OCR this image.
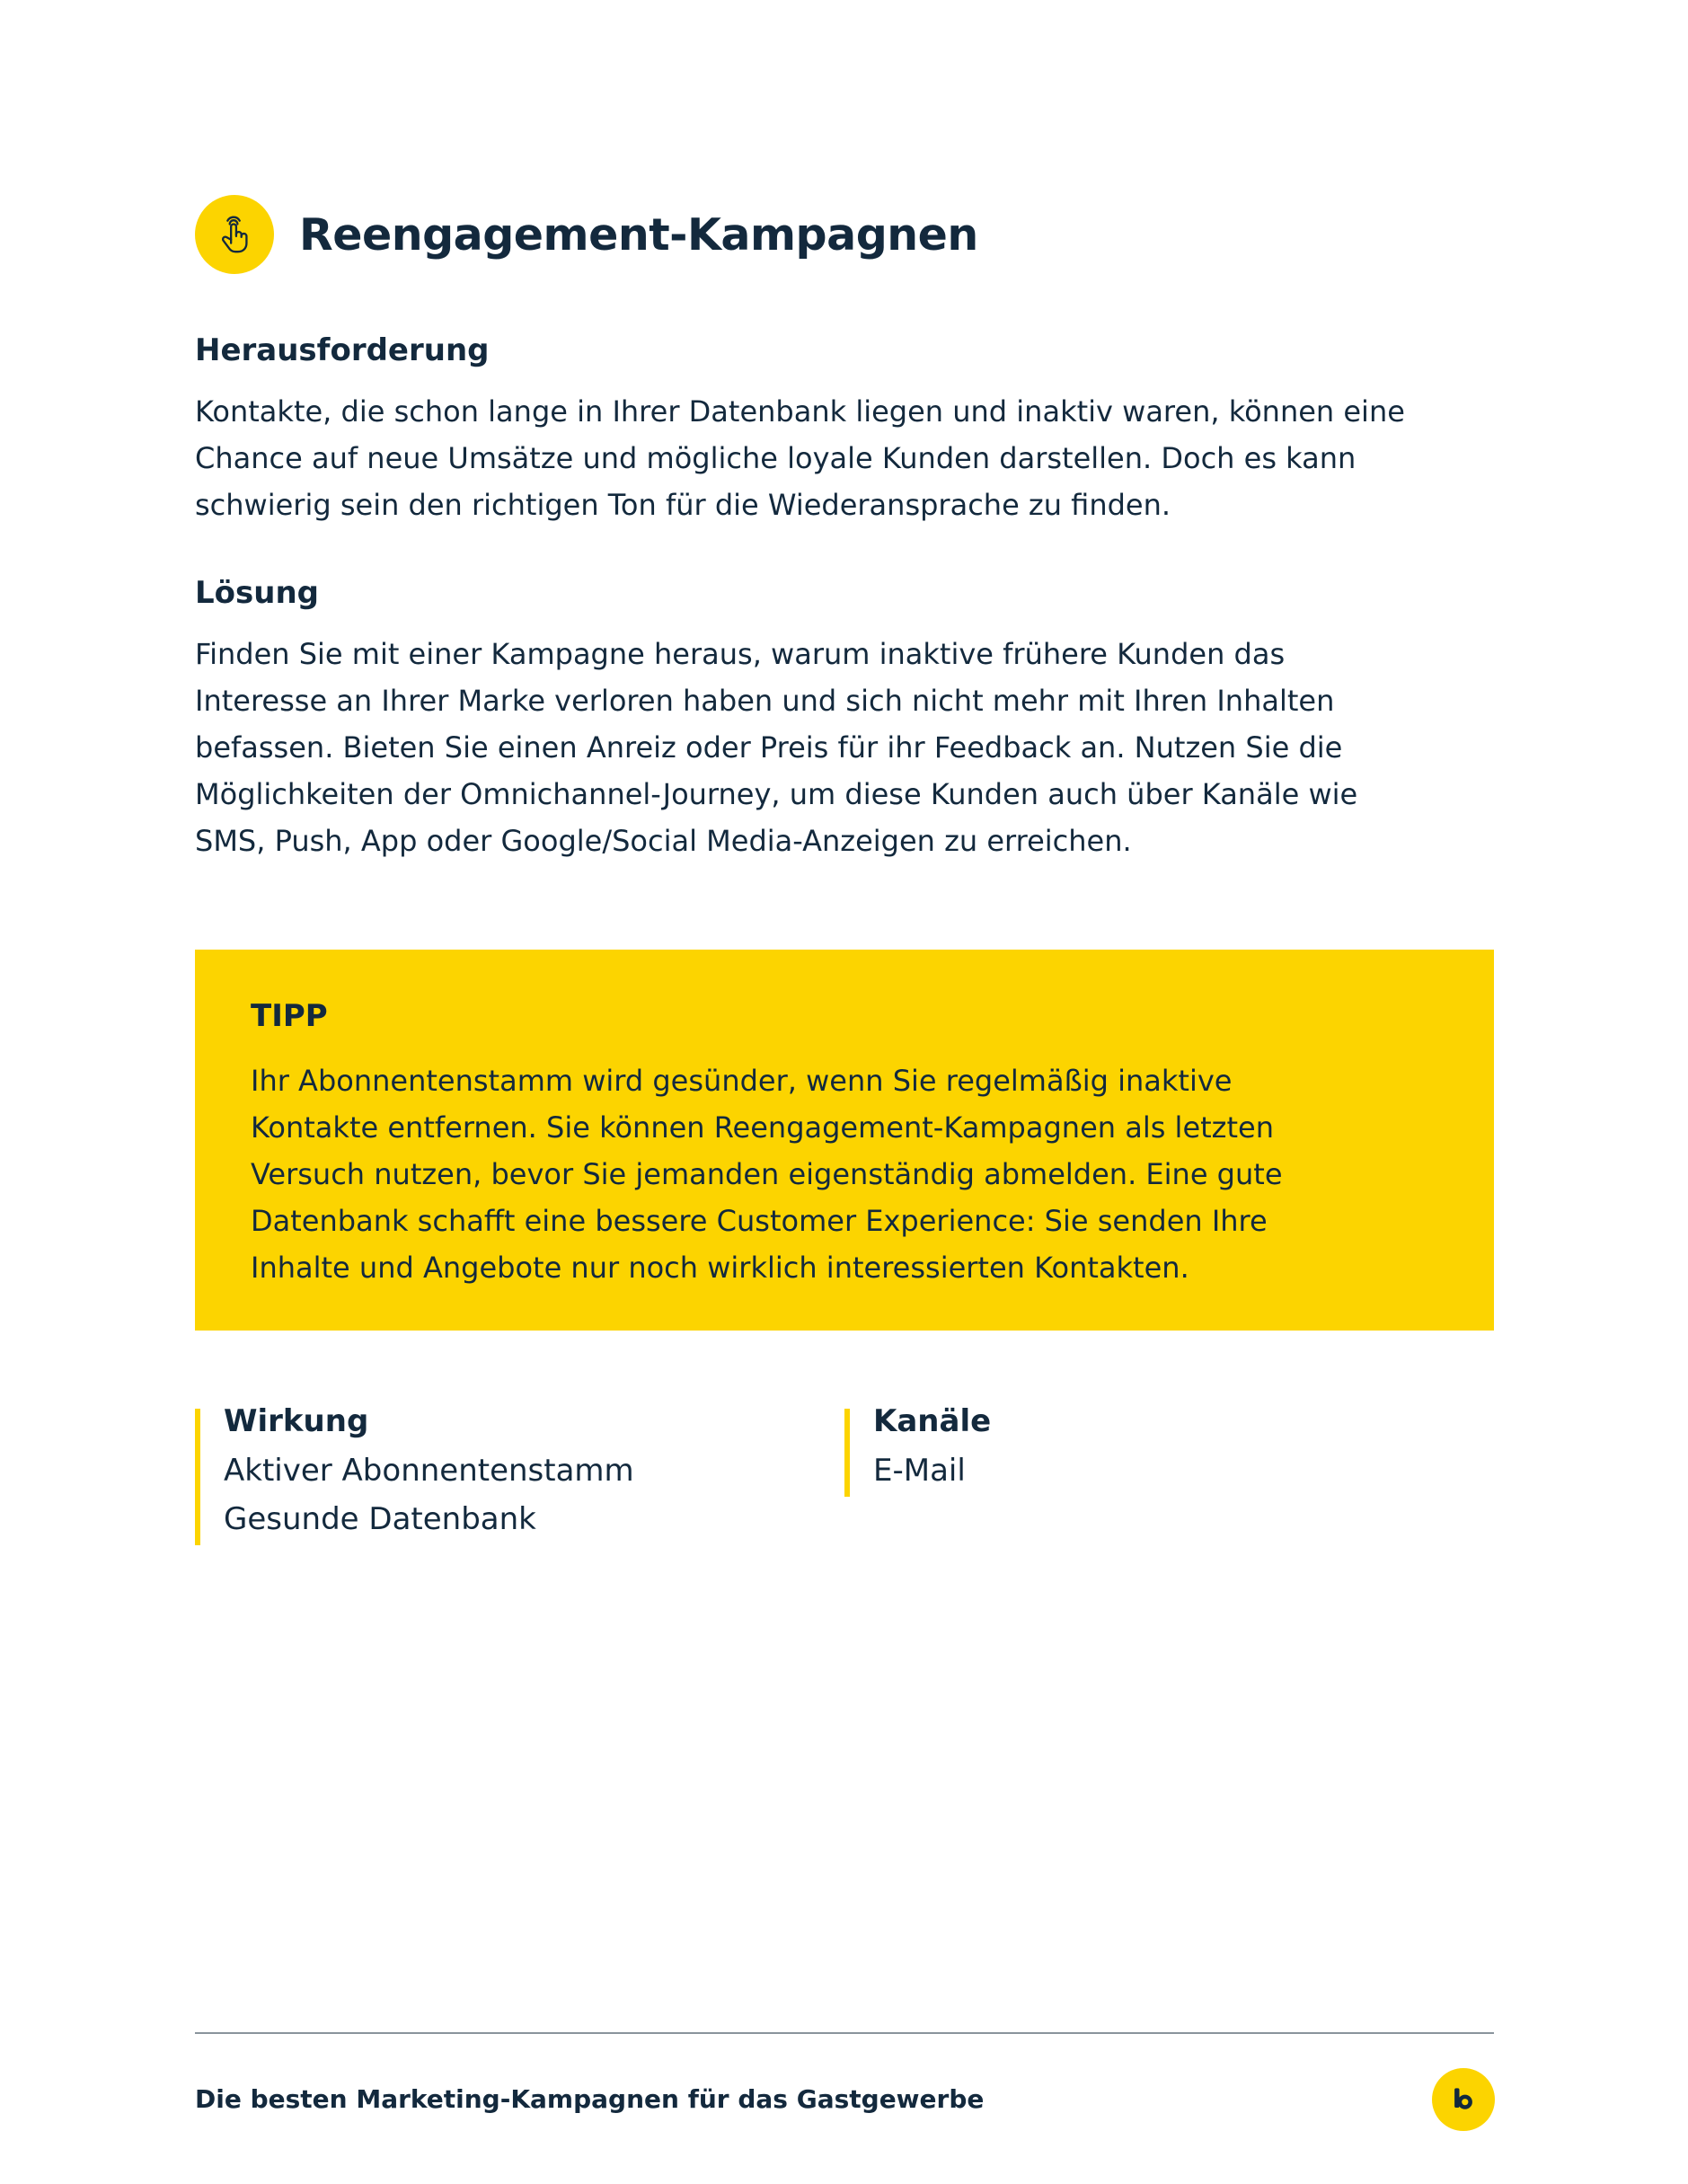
Reengagement-Kampagnen
Herausforderung
Kontakte, die schon lange in Ihrer Datenbank liegen und inaktiv waren, können eine
Chance auf neue Umsätze und mögliche loyale Kunden darstellen. Doch es kann
schwierig sein den richtigen Ton für die Wiederansprache zu finden.
Lösung
Finden Sie mit einer Kampagne heraus, warum inaktive frühere Kunden das
Interesse an Ihrer Marke verloren haben und sich nicht mehr mit Ihren Inhalten
befassen. Bieten Sie einen Anreiz oder Preis für ihr Feedback an. Nutzen Sie die
Möglichkeiten der Omnichannel-Journey, um diese Kunden auch über Kanäle wie
SMS, Push, App oder Google/Social Media-Anzeigen zu erreichen.
TIPP
Ihr Abonnentenstamm wird gesünder, wenn Sie regelmäßig inaktive
Kontakte entfernen. Sie können Reengagement-Kampagnen als letzten
Versuch nutzen, bevor Sie jemanden eigenständig abmelden. Eine gute
Datenbank schafft eine bessere Customer Experience: Sie senden Ihre
Inhalte und Angebote nur noch wirklich interessierten Kontakten.
Wirkung
Aktiver Abonnentenstamm
Gesunde Datenbank
Kanäle
E-Mail
Die besten Marketing-Kampagnen für das Gastgewerbe
